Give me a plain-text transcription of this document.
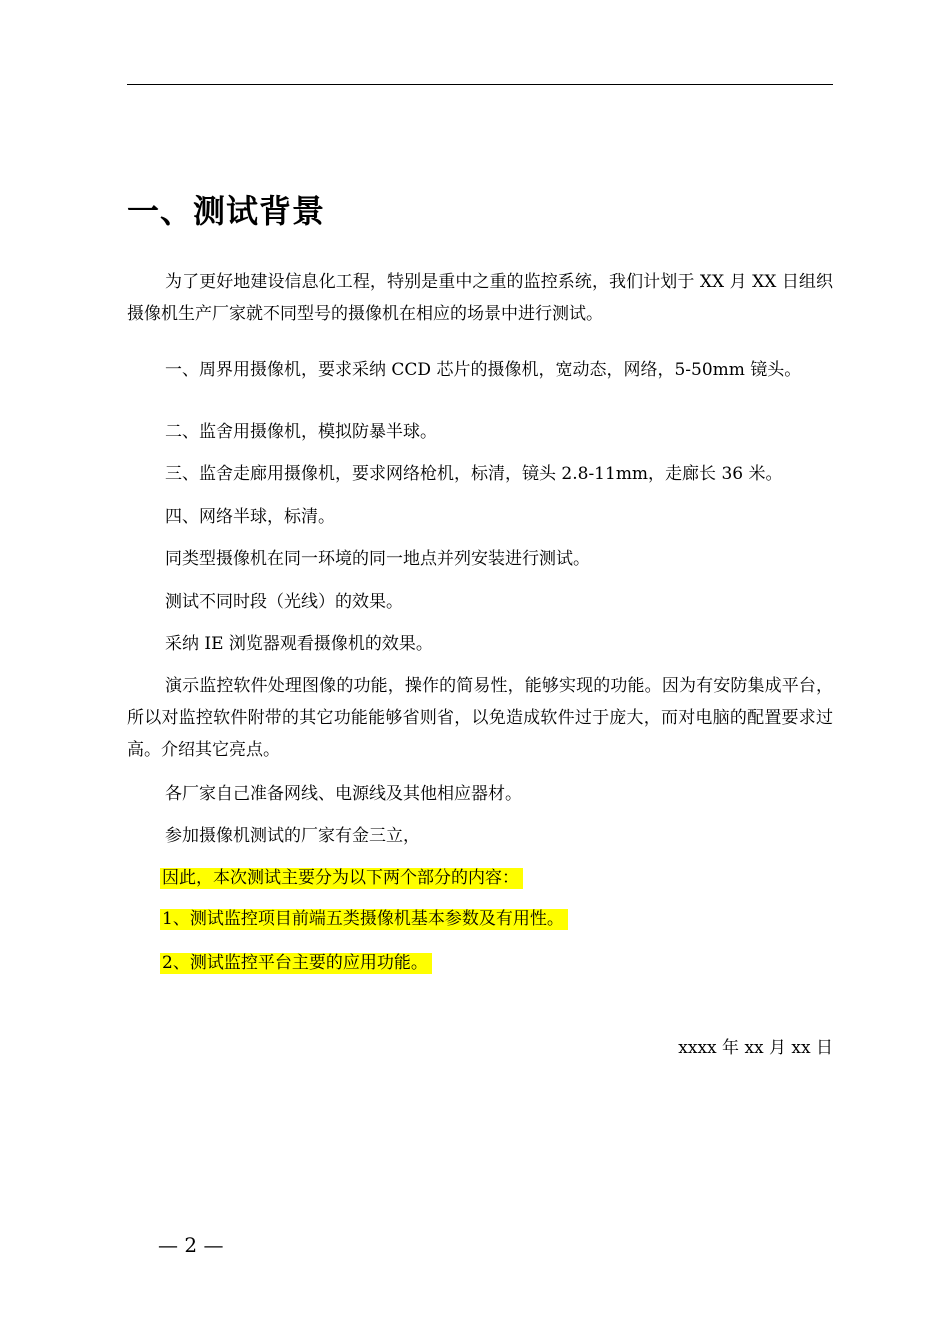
一、测试背景

为了更好地建设信息化工程，特别是重中之重的监控系统，我们计划于 XX 月 XX 日组织摄像机生产厂家就不同型号的摄像机在相应的场景中进行测试。

一、周界用摄像机，要求采纳 CCD 芯片的摄像机，宽动态，网络，5-50mm 镜头。

二、监舍用摄像机，模拟防暴半球。

三、监舍走廊用摄像机，要求网络枪机，标清，镜头 2.8-11mm，走廊长 36 米。

四、网络半球，标清。

同类型摄像机在同一环境的同一地点并列安装进行测试。

测试不同时段（光线）的效果。

采纳 IE 浏览器观看摄像机的效果。

演示监控软件处理图像的功能，操作的简易性，能够实现的功能。因为有安防集成平台，所以对监控软件附带的其它功能能够省则省，以免造成软件过于庞大，而对电脑的配置要求过高。介绍其它亮点。

各厂家自己准备网线、电源线及其他相应器材。

参加摄像机测试的厂家有金三立，

因此，本次测试主要分为以下两个部分的内容：

1、测试监控项目前端五类摄像机基本参数及有用性。

2、测试监控平台主要的应用功能。

xxxx 年 xx 月 xx 日

— 2 —
